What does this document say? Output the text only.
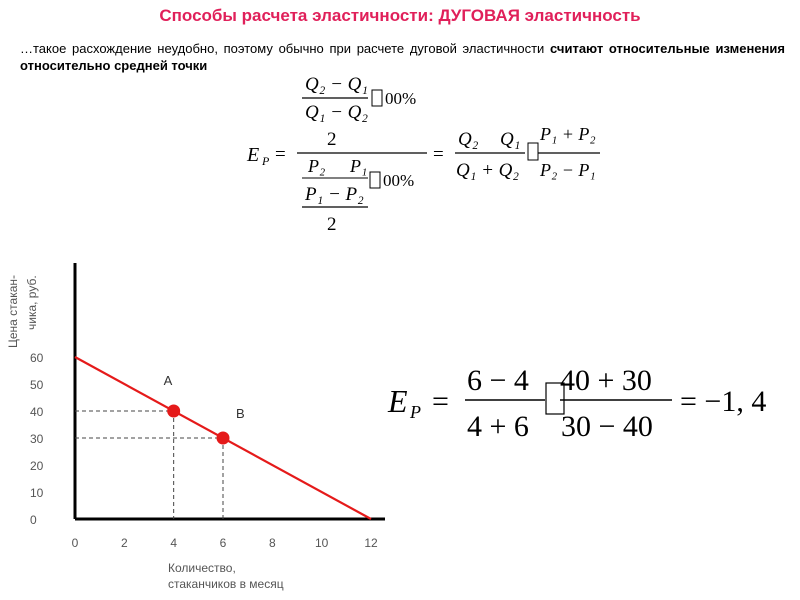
Способы расчета эластичности: ДУГОВАЯ эластичность
…такое расхождение неудобно, поэтому обычно при расчете дуговой эластичности считают относительные изменения относительно средней точки
Q₂ − Q₁
Q₁ − Q₂
00%
E P =
2
P₂ P₁
00%
P₁ − P₂
2
=
Q₂ Q₁
Q₁ + Q₂
P₁ + P₂
P₂ − P₁
E P =
6 − 4
4 + 6
40 + 30
30 − 40
= −1, 4
Цена стакан- чика, руб.
Количество,
стаканчиков в месяц
0
10
20
30
40
50
60
0	2	4	6	8	10	12
A
B
